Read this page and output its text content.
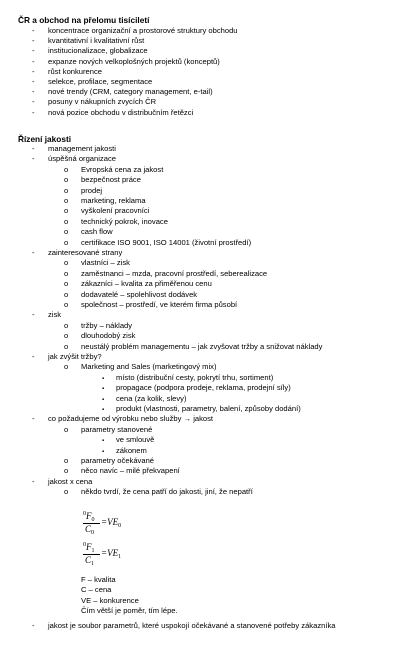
ČR a obchod na přelomu tisíciletí
- koncentrace organizační a prostorové struktury obchodu
- kvantitativní i kvalitativní růst
- institucionalizace, globalizace
- expanze nových velkoplošných projektů (konceptů)
- růst konkurence
- selekce, profilace, segmentace
- nové trendy (CRM, category management, e-tail)
- posuny v nákupních zvycích ČR
- nová pozice obchodu v distribučním řetězci
Řízení jakosti
- management jakosti
- úspěšná organizace
o Evropská cena za jakost
o bezpečnost práce
o prodej
o marketing, reklama
o vyškolení pracovníci
o technický pokrok, inovace
o cash flow
o certifikace ISO 9001, ISO 14001 (životní prostředí)
- zainteresované strany
o vlastníci – zisk
o zaměstnanci – mzda, pracovní prostředí, seberealizace
o zákazníci – kvalita za přiměřenou cenu
o dodavatelé – spolehlivost dodávek
o společnost – prostředí, ve kterém firma působí
- zisk
o tržby – náklady
o dlouhodobý zisk
o neustálý problém managementu – jak zvyšovat tržby a snižovat náklady
- jak zvýšit tržby?
o Marketing and Sales (marketingový mix)
▪ místo (distribuční cesty, pokrytí trhu, sortiment)
▪ propagace (podpora prodeje, reklama, prodejní síly)
▪ cena (za kolik, slevy)
▪ produkt (vlastnosti, parametry, balení, způsoby dodání)
- co požadujeme od výrobku nebo služby → jakost
o parametry stanovené
▪ ve smlouvě
▪ zákonem
o parametry očekávané
o něco navíc – milé překvapení
- jakost x cena
o někdo tvrdí, že cena patří do jakosti, jiní, že nepatří
- jakost je soubor parametrů, které uspokojí očekávané a stanovené potřeby zákazníka
$^0F_0$
$C_0$
$=VE_0$
$^0F_1$
$C_1$
$=VE_1$
F – kvalita
C – cena
VE – konkurence
Čím větší je poměr, tím lépe.
